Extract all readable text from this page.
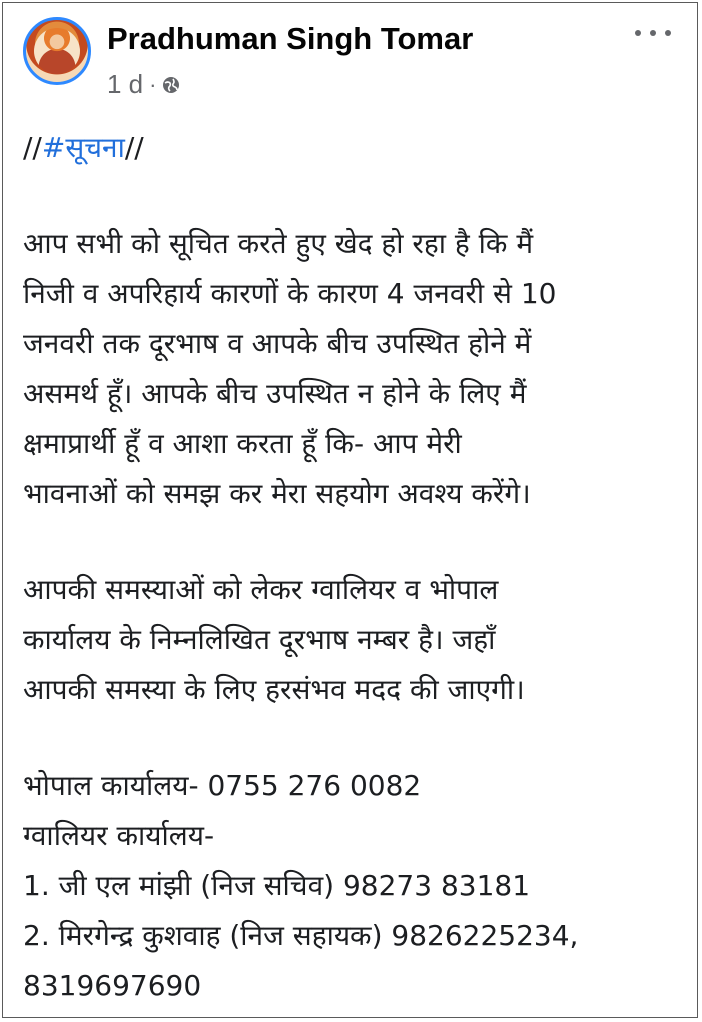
Pradhuman Singh Tomar
1 d ·
//#सूचना//
आप सभी को सूचित करते हुए खेद हो रहा है कि मैं
निजी व अपरिहार्य कारणों के कारण 4 जनवरी से 10
जनवरी तक दूरभाष व आपके बीच उपस्थित होने में
असमर्थ हूँ। आपके बीच उपस्थित न होने के लिए मैं
क्षमाप्रार्थी हूँ व आशा करता हूँ कि- आप मेरी
भावनाओं को समझ कर मेरा सहयोग अवश्य करेंगे।
आपकी समस्याओं को लेकर ग्वालियर व भोपाल
कार्यालय के निम्नलिखित दूरभाष नम्बर है। जहाँ
आपकी समस्या के लिए हरसंभव मदद की जाएगी।
भोपाल कार्यालय- 0755 276 0082
ग्वालियर कार्यालय-
1. जी एल मांझी (निज सचिव) 98273 83181
2. मिरगेन्द्र कुशवाह (निज सहायक) 9826225234,
8319697690
